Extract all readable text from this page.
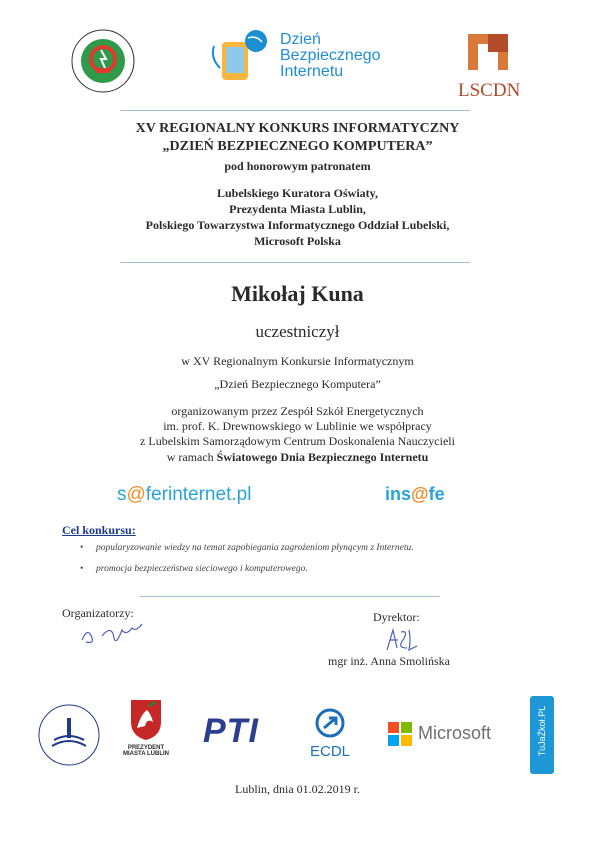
Dzień
Bezpiecznego
Internetu
LSCDN
XV REGIONALNY KONKURS INFORMATYCZNY
„DZIEŃ BEZPIECZNEGO KOMPUTERA”
pod honorowym patronatem
Lubelskiego Kuratora Oświaty,
Prezydenta Miasta Lublin,
Polskiego Towarzystwa Informatycznego Oddział Lubelski,
Microsoft Polska
Mikołaj Kuna
uczestniczył
w XV Regionalnym Konkursie Informatycznym
„Dzień Bezpiecznego Komputera”
organizowanym przez Zespół Szkół Energetycznych
im. prof. K. Drewnowskiego w Lublinie we współpracy
z Lubelskim Samorządowym Centrum Doskonalenia Nauczycieli
w ramach Światowego Dnia Bezpiecznego Internetu
s@ferinternet.pl	ins@fe
Cel konkursu:
• popularyzowanie wiedzy na temat zapobiegania zagrożeniom płynącym z Internetu.
• promocja bezpieczeństwa sieciowego i komputerowego.
Organizatorzy:	Dyrektor:
mgr inż. Anna Smolińska
PREZYDENT
MIASTA LUBLIN
PTI
ECDL
Microsoft	TuJaŹkoł.PL
Lublin, dnia 01.02.2019 r.
